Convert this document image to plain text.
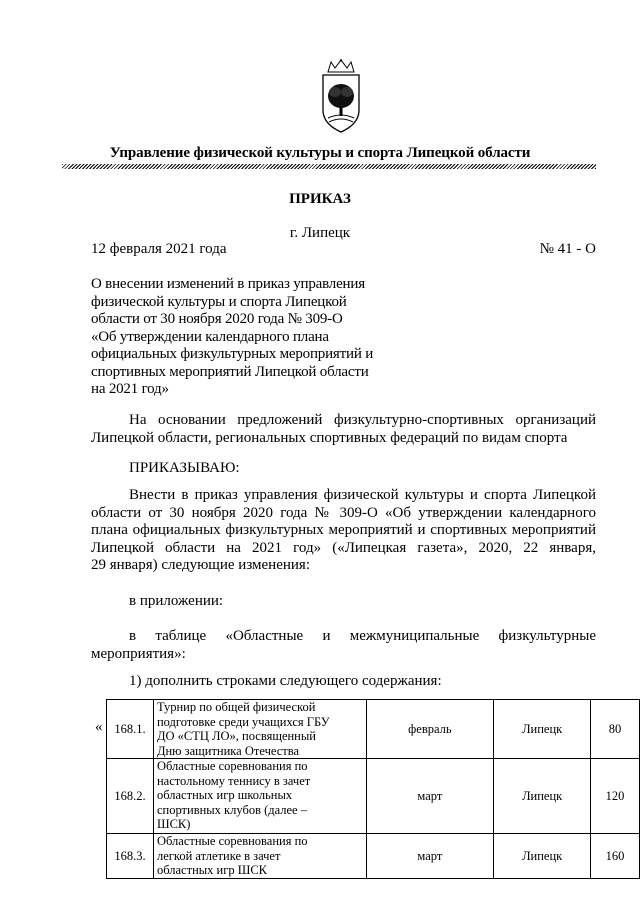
Управление физической культуры и спорта Липецкой области
ПРИКАЗ
г. Липецк
12 февраля 2021 года	№ 41 - О
О внесении изменений в приказ управления
физической культуры и спорта Липецкой
области от 30 ноября 2020 года № 309-О
«Об утверждении календарного плана
официальных физкультурных мероприятий и
спортивных мероприятий Липецкой области
на 2021 год»
На основании предложений физкультурно-спортивных организаций
Липецкой области, региональных спортивных федераций по видам спорта
ПРИКАЗЫВАЮ:
Внести в приказ управления физической культуры и спорта Липецкой
области от 30 ноября 2020 года № 309-О «Об утверждении календарного
плана официальных физкультурных мероприятий и спортивных мероприятий
Липецкой области на 2021 год» («Липецкая газета», 2020, 22 января,
29 января) следующие изменения:
в приложении:
в таблице «Областные и межмуниципальные физкультурные
мероприятия»:
1) дополнить строками следующего содержания:
« 168.1.	Турнир по общей физической
подготовке среди учащихся ГБУ
ДО «СТЦ ЛО», посвященный
Дню защитника Отечества	февраль	Липецк	80
168.2.	Областные соревнования по
настольному теннису в зачет
областных игр школьных
спортивных клубов (далее –
ШСК)	март	Липецк	120
168.3.	Областные соревнования по
легкой атлетике в зачет
областных игр ШСК	март	Липецк	160
